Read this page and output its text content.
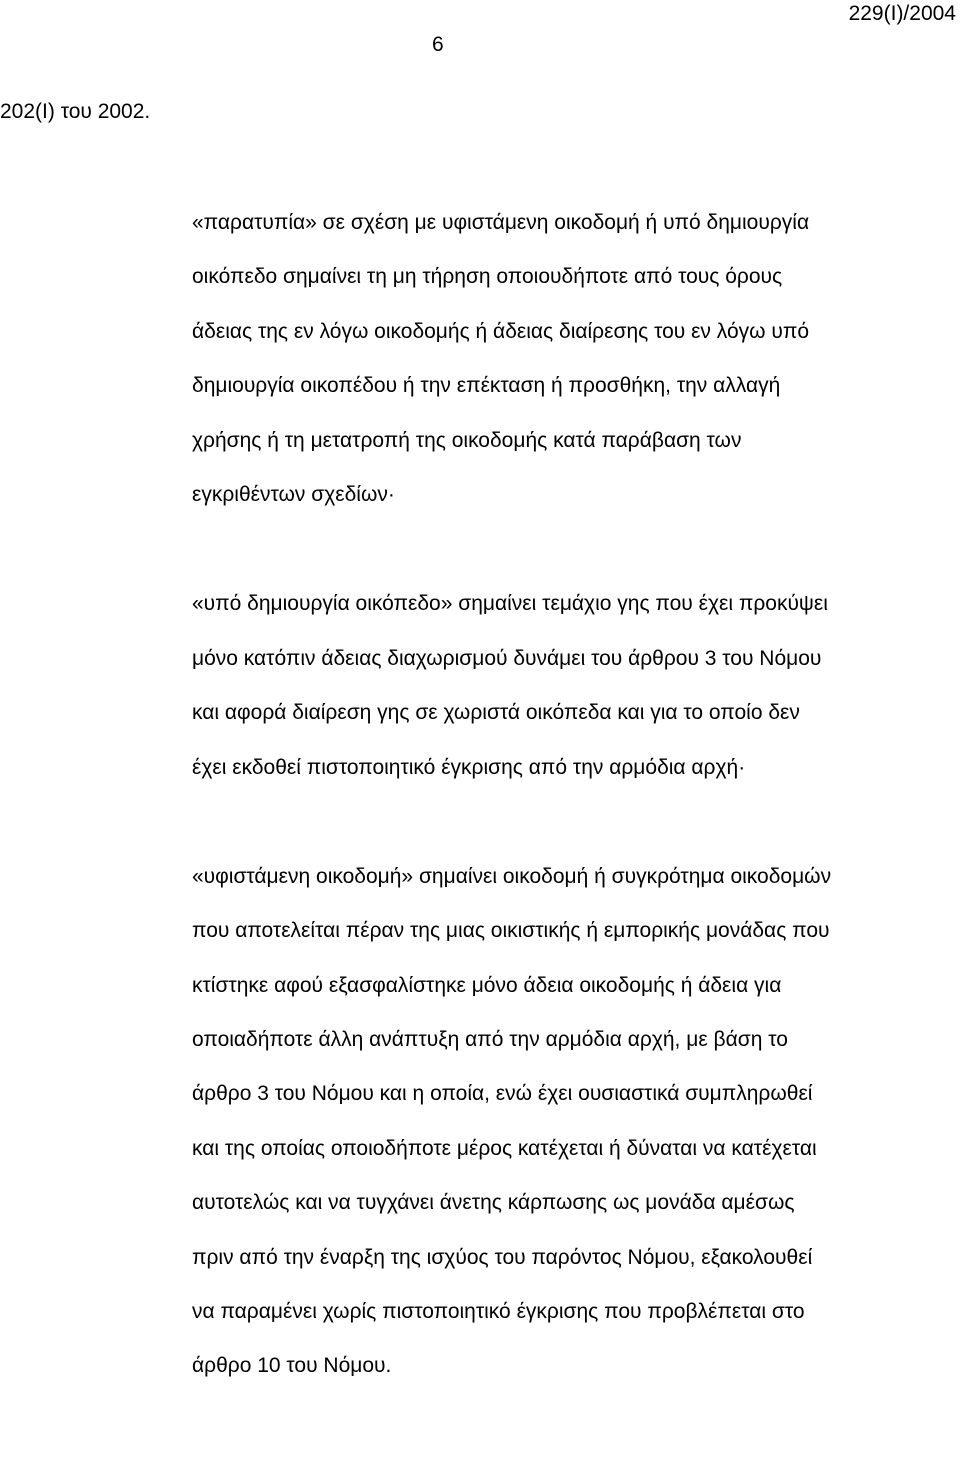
229(Ι)/2004
6
202(Ι) του 2002.
«παρατυπία» σε σχέση με υφιστάμενη οικοδομή ή υπό δημιουργία
οικόπεδο σημαίνει τη μη τήρηση οποιουδήποτε από τους όρους
άδειας της εν λόγω οικοδομής ή άδειας διαίρεσης του εν λόγω υπό
δημιουργία οικοπέδου ή την επέκταση ή προσθήκη, την αλλαγή
χρήσης ή τη μετατροπή της οικοδομής κατά παράβαση των
εγκριθέντων σχεδίων·
«υπό δημιουργία οικόπεδο» σημαίνει τεμάχιο γης που έχει προκύψει
μόνο κατόπιν άδειας διαχωρισμού δυνάμει του άρθρου 3 του Νόμου
και αφορά διαίρεση γης σε χωριστά οικόπεδα και για το οποίο δεν
έχει εκδοθεί πιστοποιητικό έγκρισης από την αρμόδια αρχή·
«υφιστάμενη οικοδομή» σημαίνει οικοδομή ή συγκρότημα οικοδομών
που αποτελείται πέραν της μιας οικιστικής ή εμπορικής μονάδας που
κτίστηκε αφού εξασφαλίστηκε μόνο άδεια οικοδομής ή άδεια για
οποιαδήποτε άλλη ανάπτυξη από την αρμόδια αρχή, με βάση το
άρθρο 3 του Νόμου και η οποία, ενώ έχει ουσιαστικά συμπληρωθεί
και της οποίας οποιοδήποτε μέρος κατέχεται ή δύναται να κατέχεται
αυτοτελώς και να τυγχάνει άνετης κάρπωσης ως μονάδα αμέσως
πριν από την έναρξη της ισχύος του παρόντος Νόμου, εξακολουθεί
να παραμένει χωρίς πιστοποιητικό έγκρισης που προβλέπεται στο
άρθρο 10 του Νόμου.
